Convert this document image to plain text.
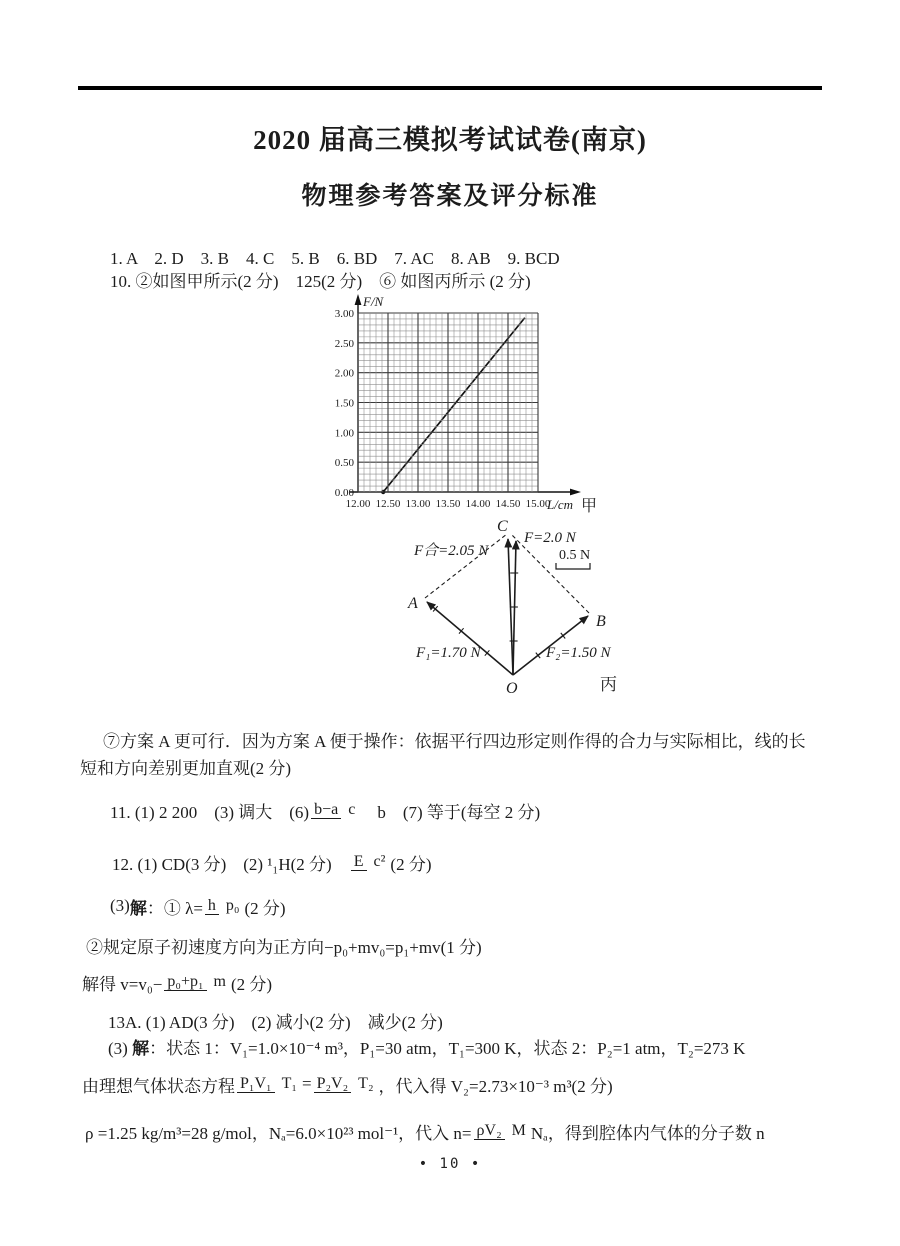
2020 届高三模拟考试试卷(南京)
物理参考答案及评分标准
1. A　2. D　3. B　4. C　5. B　6. BD　7. AC　8. AB　9. BCD
10. ②如图甲所示(2 分)　125(2 分)　⑥ 如图丙所示 (2 分)
15.00
14.50
14.00
13.50
13.00
12.50
12.00
3.00
2.50
2.00
1.50
1.00
0.50
0.00
F/N
L/cm 甲
C
F=2.0 N
F合=2.05 N	0.5 N
A
B
F₁=1.70 N	F₂=1.50 N
O	丙
⑦方案 A 更可行．因为方案 A 便于操作：依据平行四边形定则作得的合力与实际相比，线的长
短和方向差别更加直观(2 分)
11. (1) 2 200　(3) 调大　(6) b−a c 　b　(7) 等于(每空 2 分)
12. (1) CD(3 分)　(2) ¹₁H(2 分)　 E c² (2 分)
(3) 解 ：① λ= h p₀ (2 分)
②规定原子初速度方向为正方向−p₀+mv₀=p₁+mv(1 分)
解得 v=v₀− p₀+p₁ m (2 分)
13A. (1) AD(3 分)　(2) 减小(2 分)　减少(2 分)
(3) 解：状态 1：V₁=1.0×10⁻⁴ m³，P₁=30 atm，T₁=300 K，状态 2：P₂=1 atm，T₂=273 K
由理想气体状态方程 P₁V₁ T₁ = P₂V₂ T₂ ，代入得 V₂=2.73×10⁻³ m³(2 分)
ρ =1.25 kg/m³=28 g/mol，Nₐ=6.0×10²³ mol⁻¹，代入 n= ρV₂ M Nₐ，得到腔体内气体的分子数 n
• 10 •
